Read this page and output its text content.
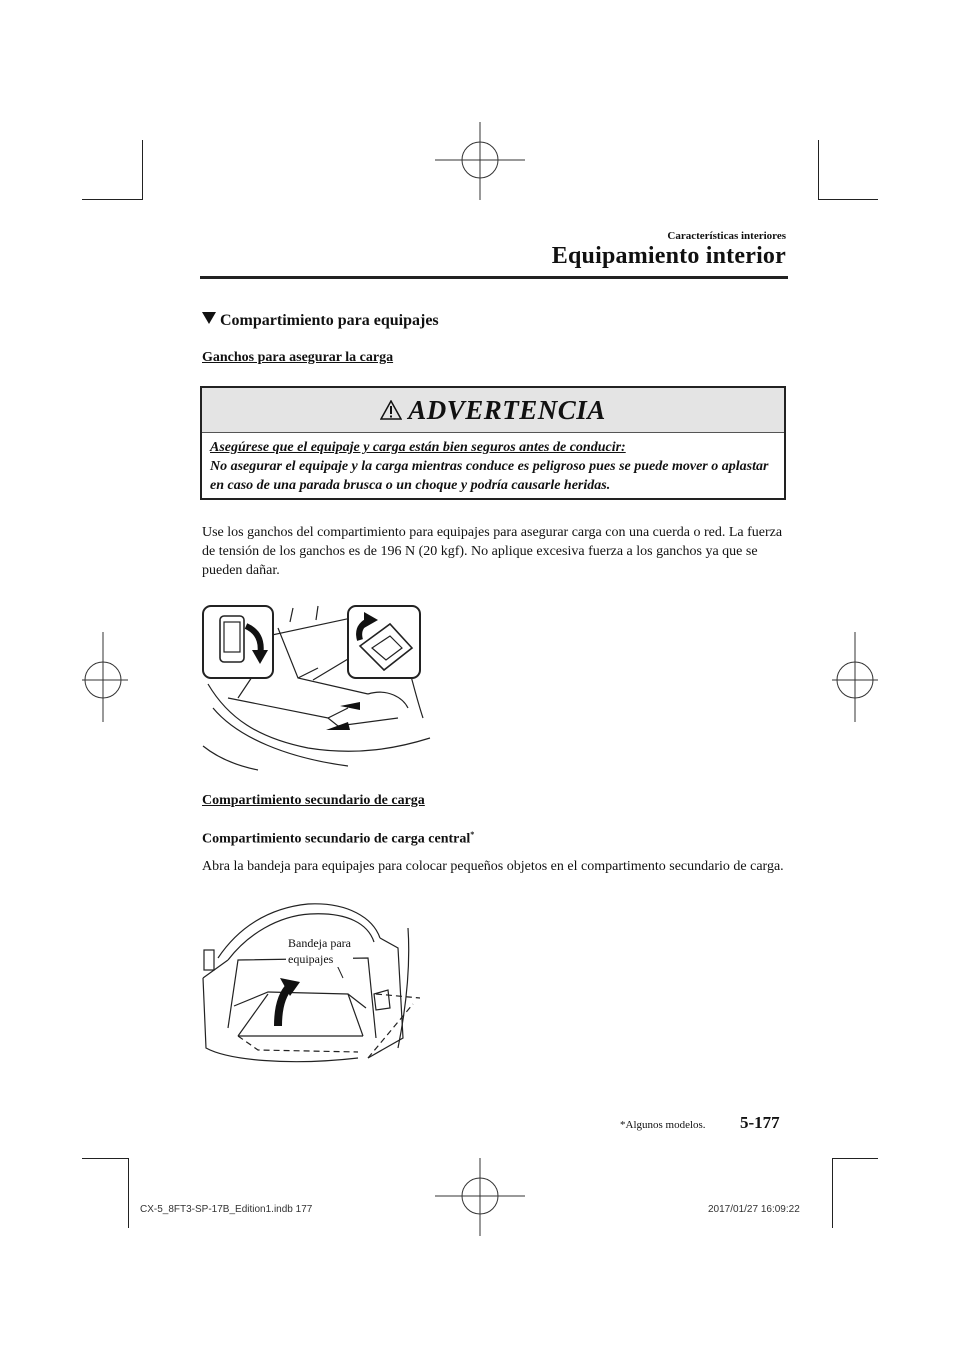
Características interiores
Equipamiento interior
Compartimiento para equipajes
Ganchos para asegurar la carga
ADVERTENCIA
Asegúrese que el equipaje y carga están bien seguros antes de conducir:
No asegurar el equipaje y la carga mientras conduce es peligroso pues se puede mover o aplastar en caso de una parada brusca o un choque y podría causarle heridas.
Use los ganchos del compartimiento para equipajes para asegurar carga con una cuerda o red. La fuerza de tensión de los ganchos es de 196 N (20 kgf). No aplique excesiva fuerza a los ganchos ya que se pueden dañar.
Compartimiento secundario de carga
Compartimiento secundario de carga central*
Abra la bandeja para equipajes para colocar pequeños objetos en el compartimento secundario de carga.
Bandeja para
equipajes
*Algunos modelos. 5-177
CX-5_8FT3-SP-17B_Edition1.indb 177	2017/01/27 16:09:22
